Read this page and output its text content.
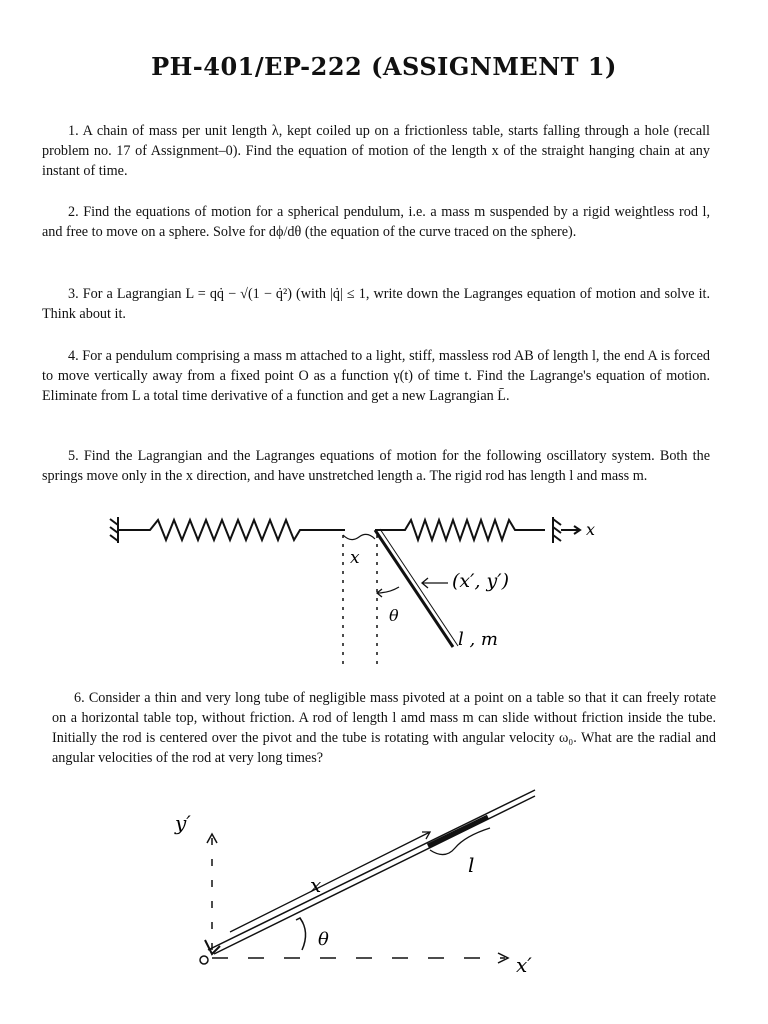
PH-401/EP-222 (ASSIGNMENT 1)
1. A chain of mass per unit length λ, kept coiled up on a frictionless table, starts falling through a hole (recall problem no. 17 of Assignment–0). Find the equation of motion of the length x of the straight hanging chain at any instant of time.
2. Find the equations of motion for a spherical pendulum, i.e. a mass m suspended by a rigid weightless rod l, and free to move on a sphere. Solve for dϕ/dθ (the equation of the curve traced on the sphere).
3. For a Lagrangian L = qq̇ − √(1 − q̇²) (with |q̇| ≤ 1, write down the Lagranges equation of motion and solve it. Think about it.
4. For a pendulum comprising a mass m attached to a light, stiff, massless rod AB of length l, the end A is forced to move vertically away from a fixed point O as a function γ(t) of time t. Find the Lagrange's equation of motion. Eliminate from L a total time derivative of a function and get a new Lagrangian L̄.
5. Find the Lagrangian and the Lagranges equations of motion for the following oscillatory system. Both the springs move only in the x direction, and have unstretched length a. The rigid rod has length l and mass m.
x
x
(x′, y′)
θ
l , m
6. Consider a thin and very long tube of negligible mass pivoted at a point on a table so that it can freely rotate on a horizontal table top, without friction. A rod of length l amd mass m can slide without friction inside the tube. Initially the rod is centered over the pivot and the tube is rotating with angular velocity ω₀. What are the radial and angular velocities of the rod at very long times?
y′
x′
x
l
θ
